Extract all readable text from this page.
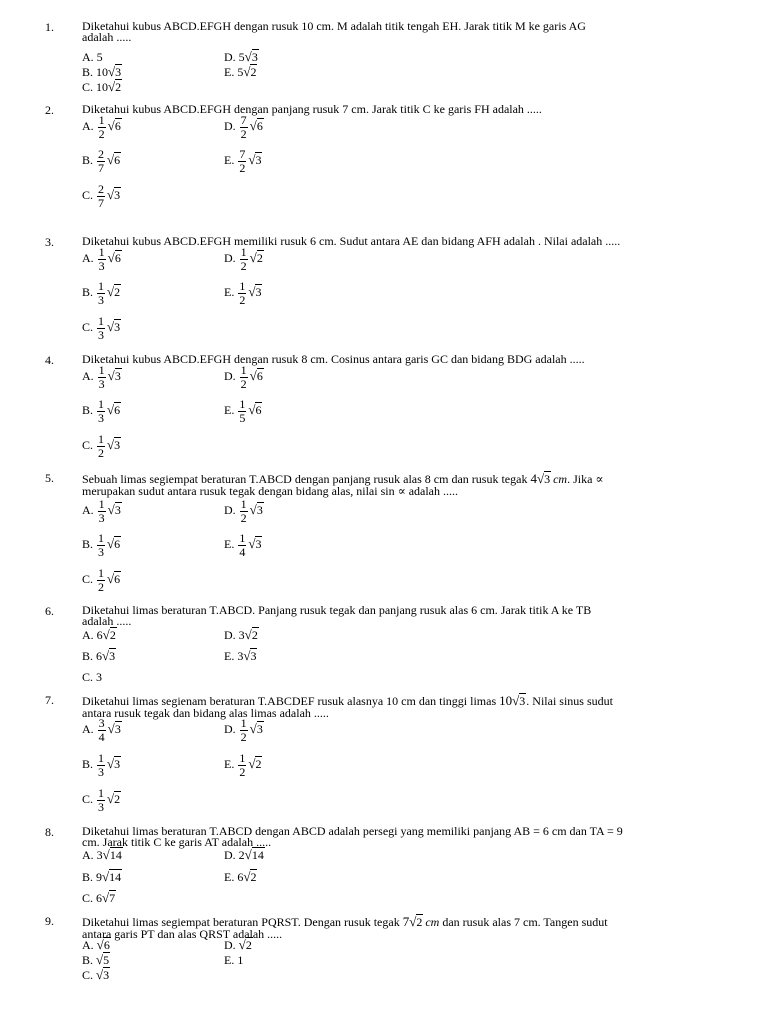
1. Diketahui kubus ABCD.EFGH dengan rusuk 10 cm. M adalah titik tengah EH. Jarak titik M ke garis AG
adalah .....
A. 5	D. 5√3
B. 10√3	E. 5√2
C. 10√2
2. Diketahui kubus ABCD.EFGH dengan panjang rusuk 7 cm. Jarak titik C ke garis FH adalah .....
A. $\frac{1}{2} √6$	D. $\frac{7}{2} √6$
B. $\frac{2}{7} √6$	E. $\frac{7}{2} √3$
C. $\frac{2}{7} √3$
3. Diketahui kubus ABCD.EFGH memiliki rusuk 6 cm. Sudut antara AE dan bidang AFH adalah . Nilai adalah .....
A. $\frac{1}{3} √6$	D. $\frac{1}{2} √2$
B. $\frac{1}{3} √2$	E. $\frac{1}{2} √3$
C. $\frac{1}{3} √3$
4. Diketahui kubus ABCD.EFGH dengan rusuk 8 cm. Cosinus antara garis GC dan bidang BDG adalah .....
A. $\frac{1}{3} √3$	D. $\frac{1}{2} √6$
B. $\frac{1}{3} √6$	E. $\frac{1}{5} √6$
C. $\frac{1}{2} √3$
5. Sebuah limas segiempat beraturan T.ABCD dengan panjang rusuk alas 8 cm dan rusuk tegak 4√3 cm. Jika ∝
merupakan sudut antara rusuk tegak dengan bidang alas, nilai sin ∝ adalah .....
A. $\frac{1}{3} √3$	D. $\frac{1}{2} √3$
B. $\frac{1}{3} √6$	E. $\frac{1}{4} √3$
C. $\frac{1}{2} √6$
6. Diketahui limas beraturan T.ABCD. Panjang rusuk tegak dan panjang rusuk alas 6 cm. Jarak titik A ke TB
adalah .....
A. 6√2	D. 3√2
B. 6√3	E. 3√3
C. 3
7. Diketahui limas segienam beraturan T.ABCDEF rusuk alasnya 10 cm dan tinggi limas 10√3. Nilai sinus sudut
antara rusuk tegak dan bidang alas limas adalah .....
A. $\frac{3}{4} √3$	D. $\frac{1}{2} √3$
B. $\frac{1}{3} √3$	E. $\frac{1}{2} √2$
C. $\frac{1}{3} √2$
8. Diketahui limas beraturan T.ABCD dengan ABCD adalah persegi yang memiliki panjang AB = 6 cm dan TA = 9
cm. Jarak titik C ke garis AT adalah .....
A. 3√14	D. 2√14
B. 9√14	E. 6√2
C. 6√7
9. Diketahui limas segiempat beraturan PQRST. Dengan rusuk tegak 7√2 cm dan rusuk alas 7 cm. Tangen sudut
antara garis PT dan alas QRST adalah .....
A. √6	D. √2
B. √5	E. 1
C. √3
